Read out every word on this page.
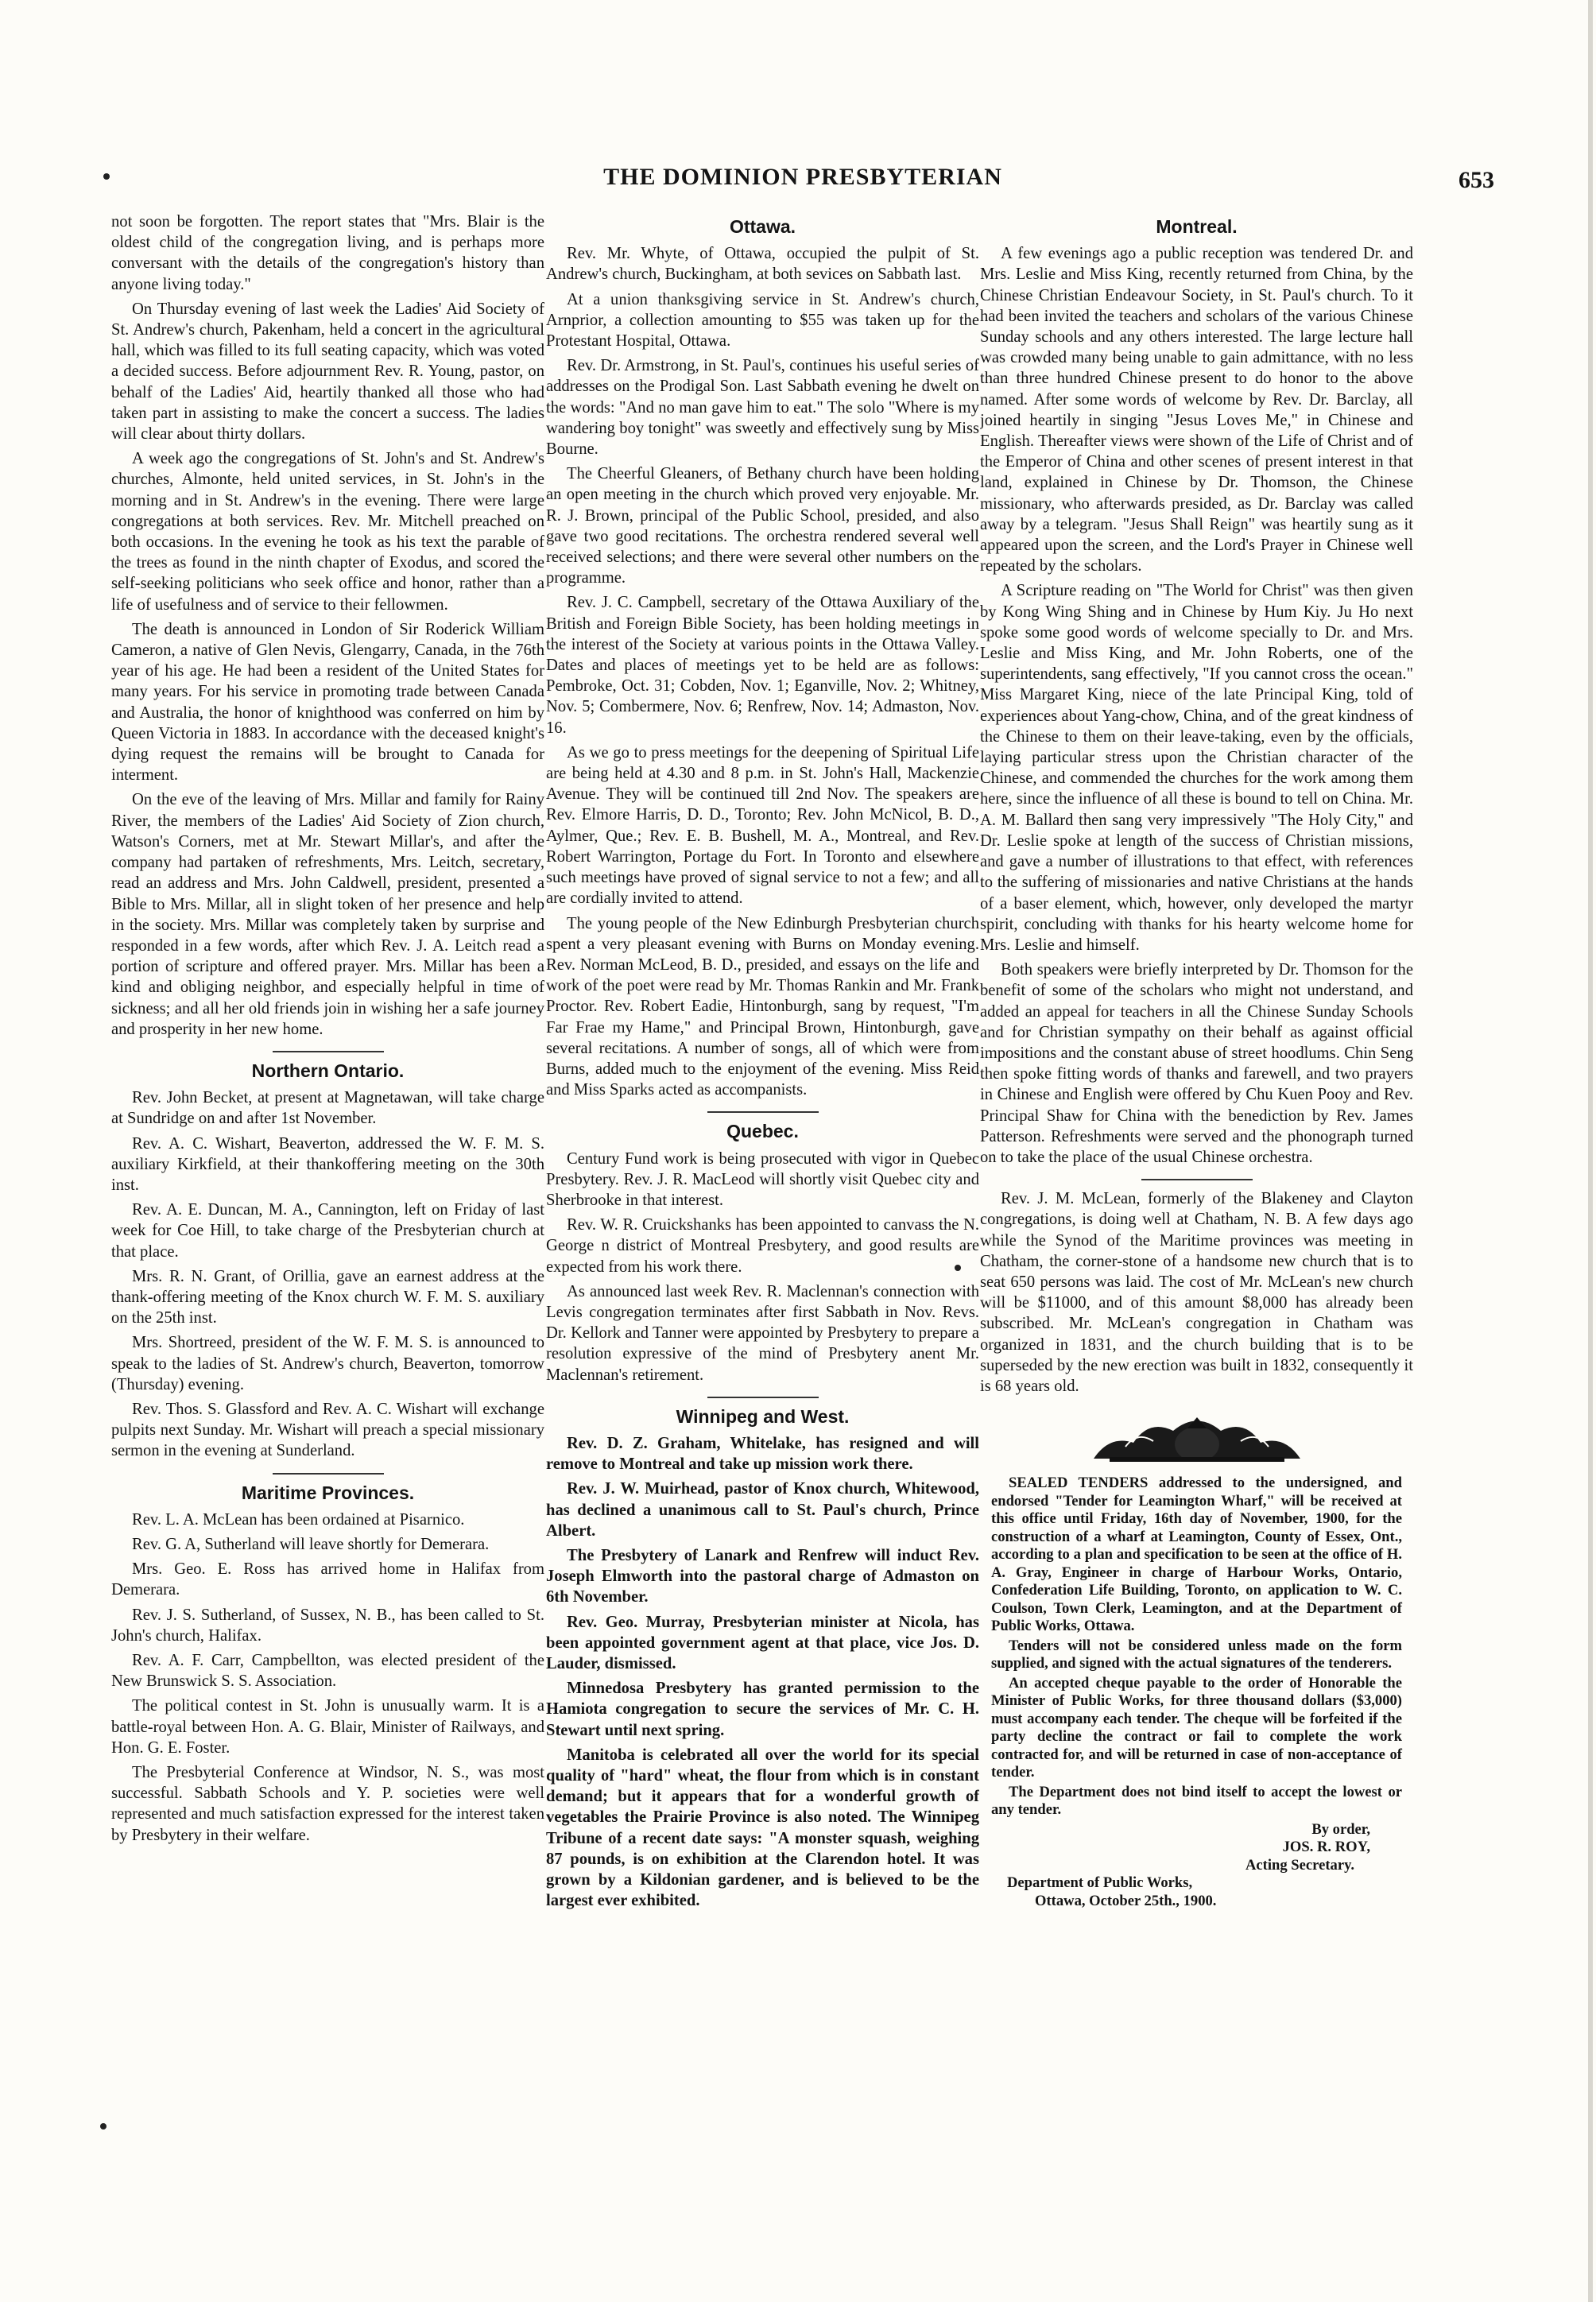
THE DOMINION PRESBYTERIAN	653

not soon be forgotten. The report states that "Mrs. Blair is the oldest child of the congregation living, and is perhaps more conversant with the details of the congregation's history than anyone living today."

On Thursday evening of last week the Ladies' Aid Society of St. Andrew's church, Pakenham, held a concert in the agricultural hall, which was filled to its full seating capacity, which was voted a decided success. Before adjournment Rev. R. Young, pastor, on behalf of the Ladies' Aid, heartily thanked all those who had taken part in assisting to make the concert a success. The ladies will clear about thirty dollars.

A week ago the congregations of St. John's and St. Andrew's churches, Almonte, held united services, in St. John's in the morning and in St. Andrew's in the evening. There were large congregations at both services. Rev. Mr. Mitchell preached on both occasions. In the evening he took as his text the parable of the trees as found in the ninth chapter of Exodus, and scored the self-seeking politicians who seek office and honor, rather than a life of usefulness and of service to their fellowmen.

The death is announced in London of Sir Roderick William Cameron, a native of Glen Nevis, Glengarry, Canada, in the 76th year of his age. He had been a resident of the United States for many years. For his service in promoting trade between Canada and Australia, the honor of knighthood was conferred on him by Queen Victoria in 1883. In accordance with the deceased knight's dying request the remains will be brought to Canada for interment.

On the eve of the leaving of Mrs. Millar and family for Rainy River, the members of the Ladies' Aid Society of Zion church, Watson's Corners, met at Mr. Stewart Millar's, and after the company had partaken of refreshments, Mrs. Leitch, secretary, read an address and Mrs. John Caldwell, president, presented a Bible to Mrs. Millar, all in slight token of her presence and help in the society. Mrs. Millar was completely taken by surprise and responded in a few words, after which Rev. J. A. Leitch read a portion of scripture and offered prayer. Mrs. Millar has been a kind and obliging neighbor, and especially helpful in time of sickness; and all her old friends join in wishing her a safe journey and prosperity in her new home.

Northern Ontario.

Rev. John Becket, at present at Magnetawan, will take charge at Sundridge on and after 1st November.

Rev. A. C. Wishart, Beaverton, addressed the W. F. M. S. auxiliary Kirkfield, at their thankoffering meeting on the 30th inst.

Rev. A. E. Duncan, M. A., Cannington, left on Friday of last week for Coe Hill, to take charge of the Presbyterian church at that place.

Mrs. R. N. Grant, of Orillia, gave an earnest address at the thank-offering meeting of the Knox church W. F. M. S. auxiliary on the 25th inst.

Mrs. Shortreed, president of the W. F. M. S. is announced to speak to the ladies of St. Andrew's church, Beaverton, tomorrow (Thursday) evening.

Rev. Thos. S. Glassford and Rev. A. C. Wishart will exchange pulpits next Sunday. Mr. Wishart will preach a special missionary sermon in the evening at Sunderland.

Maritime Provinces.

Rev. L. A. McLean has been ordained at Pisarnico.

Rev. G. A, Sutherland will leave shortly for Demerara.

Mrs. Geo. E. Ross has arrived home in Halifax from Demerara.

Rev. J. S. Sutherland, of Sussex, N. B., has been called to St. John's church, Halifax.

Rev. A. F. Carr, Campbellton, was elected president of the New Brunswick S. S. Association.

The political contest in St. John is unusually warm. It is a battle-royal between Hon. A. G. Blair, Minister of Railways, and Hon. G. E. Foster.

The Presbyterial Conference at Windsor, N. S., was most successful. Sabbath Schools and Y. P. societies were well represented and much satisfaction expressed for the interest taken by Presbytery in their welfare.

Ottawa.

Rev. Mr. Whyte, of Ottawa, occupied the pulpit of St. Andrew's church, Buckingham, at both sevices on Sabbath last.

At a union thanksgiving service in St. Andrew's church, Arnprior, a collection amounting to $55 was taken up for the Protestant Hospital, Ottawa.

Rev. Dr. Armstrong, in St. Paul's, continues his useful series of addresses on the Prodigal Son. Last Sabbath evening he dwelt on the words: "And no man gave him to eat." The solo "Where is my wandering boy tonight" was sweetly and effectively sung by Miss Bourne.

The Cheerful Gleaners, of Bethany church have been holding an open meeting in the church which proved very enjoyable. Mr. R. J. Brown, principal of the Public School, presided, and also gave two good recitations. The orchestra rendered several well received selections; and there were several other numbers on the programme.

Rev. J. C. Campbell, secretary of the Ottawa Auxiliary of the British and Foreign Bible Society, has been holding meetings in the interest of the Society at various points in the Ottawa Valley. Dates and places of meetings yet to be held are as follows: Pembroke, Oct. 31; Cobden, Nov. 1; Eganville, Nov. 2; Whitney, Nov. 5; Combermere, Nov. 6; Renfrew, Nov. 14; Admaston, Nov. 16.

As we go to press meetings for the deepening of Spiritual Life are being held at 4.30 and 8 p.m. in St. John's Hall, Mackenzie Avenue. They will be continued till 2nd Nov. The speakers are Rev. Elmore Harris, D. D., Toronto; Rev. John McNicol, B. D., Aylmer, Que.; Rev. E. B. Bushell, M. A., Montreal, and Rev. Robert Warrington, Portage du Fort. In Toronto and elsewhere such meetings have proved of signal service to not a few; and all are cordially invited to attend.

The young people of the New Edinburgh Presbyterian church spent a very pleasant evening with Burns on Monday evening. Rev. Norman McLeod, B. D., presided, and essays on the life and work of the poet were read by Mr. Thomas Rankin and Mr. Frank Proctor. Rev. Robert Eadie, Hintonburgh, sang by request, "I'm Far Frae my Hame," and Principal Brown, Hintonburgh, gave several recitations. A number of songs, all of which were from Burns, added much to the enjoyment of the evening. Miss Reid and Miss Sparks acted as accompanists.

Quebec.

Century Fund work is being prosecuted with vigor in Quebec Presbytery. Rev. J. R. MacLeod will shortly visit Quebec city and Sherbrooke in that interest.

Rev. W. R. Cruickshanks has been appointed to canvass the N. George n district of Montreal Presbytery, and good results are expected from his work there.

As announced last week Rev. R. Maclennan's connection with Levis congregation terminates after first Sabbath in Nov. Revs. Dr. Kellork and Tanner were appointed by Presbytery to prepare a resolution expressive of the mind of Presbytery anent Mr. Maclennan's retirement.

Winnipeg and West.

Rev. D. Z. Graham, Whitelake, has resigned and will remove to Montreal and take up mission work there.

Rev. J. W. Muirhead, pastor of Knox church, Whitewood, has declined a unanimous call to St. Paul's church, Prince Albert.

The Presbytery of Lanark and Renfrew will induct Rev. Joseph Elmworth into the pastoral charge of Admaston on 6th November.

Rev. Geo. Murray, Presbyterian minister at Nicola, has been appointed government agent at that place, vice Jos. D. Lauder, dismissed.

Minnedosa Presbytery has granted permission to the Hamiota congregation to secure the services of Mr. C. H. Stewart until next spring.

Manitoba is celebrated all over the world for its special quality of "hard" wheat, the flour from which is in constant demand; but it appears that for a wonderful growth of vegetables the Prairie Province is also noted. The Winnipeg Tribune of a recent date says: "A monster squash, weighing 87 pounds, is on exhibition at the Clarendon hotel. It was grown by a Kildonian gardener, and is believed to be the largest ever exhibited.

Montreal.

A few evenings ago a public reception was tendered Dr. and Mrs. Leslie and Miss King, recently returned from China, by the Chinese Christian Endeavour Society, in St. Paul's church. To it had been invited the teachers and scholars of the various Chinese Sunday schools and any others interested. The large lecture hall was crowded many being unable to gain admittance, with no less than three hundred Chinese present to do honor to the above named. After some words of welcome by Rev. Dr. Barclay, all joined heartily in singing "Jesus Loves Me," in Chinese and English. Thereafter views were shown of the Life of Christ and of the Emperor of China and other scenes of present interest in that land, explained in Chinese by Dr. Thomson, the Chinese missionary, who afterwards presided, as Dr. Barclay was called away by a telegram. "Jesus Shall Reign" was heartily sung as it appeared upon the screen, and the Lord's Prayer in Chinese well repeated by the scholars.

A Scripture reading on "The World for Christ" was then given by Kong Wing Shing and in Chinese by Hum Kiy. Ju Ho next spoke some good words of welcome specially to Dr. and Mrs. Leslie and Miss King, and Mr. John Roberts, one of the superintendents, sang effectively, "If you cannot cross the ocean." Miss Margaret King, niece of the late Principal King, told of experiences about Yang-chow, China, and of the great kindness of the Chinese to them on their leave-taking, even by the officials, laying particular stress upon the Christian character of the Chinese, and commended the churches for the work among them here, since the influence of all these is bound to tell on China. Mr. A. M. Ballard then sang very impressively "The Holy City," and Dr. Leslie spoke at length of the success of Christian missions, and gave a number of illustrations to that effect, with references to the suffering of missionaries and native Christians at the hands of a baser element, which, however, only developed the martyr spirit, concluding with thanks for his hearty welcome home for Mrs. Leslie and himself.

Both speakers were briefly interpreted by Dr. Thomson for the benefit of some of the scholars who might not understand, and added an appeal for teachers in all the Chinese Sunday Schools and for Christian sympathy on their behalf as against official impositions and the constant abuse of street hoodlums. Chin Seng then spoke fitting words of thanks and farewell, and two prayers in Chinese and English were offered by Chu Kuen Pooy and Rev. Principal Shaw for China with the benediction by Rev. James Patterson. Refreshments were served and the phonograph turned on to take the place of the usual Chinese orchestra.

Rev. J. M. McLean, formerly of the Blakeney and Clayton congregations, is doing well at Chatham, N. B. A few days ago while the Synod of the Maritime provinces was meeting in Chatham, the corner-stone of a handsome new church that is to seat 650 persons was laid. The cost of Mr. McLean's new church will be $11000, and of this amount $8,000 has already been subscribed. Mr. McLean's congregation in Chatham was organized in 1831, and the church building that is to be superseded by the new erection was built in 1832, consequently it is 68 years old.

SEALED TENDERS addressed to the undersigned, and endorsed "Tender for Leamington Wharf," will be received at this office until Friday, 16th day of November, 1900, for the construction of a wharf at Leamington, County of Essex, Ont., according to a plan and specification to be seen at the office of H. A. Gray, Engineer in charge of Harbour Works, Ontario, Confederation Life Building, Toronto, on application to W. C. Coulson, Town Clerk, Leamington, and at the Department of Public Works, Ottawa.

Tenders will not be considered unless made on the form supplied, and signed with the actual signatures of the tenderers.

An accepted cheque payable to the order of Honorable the Minister of Public Works, for three thousand dollars ($3,000) must accompany each tender. The cheque will be forfeited if the party decline the contract or fail to complete the work contracted for, and will be returned in case of non-acceptance of tender.

The Department does not bind itself to accept the lowest or any tender.

By order,

JOS. R. ROY,

Acting Secretary.

Department of Public Works,

Ottawa, October 25th., 1900.
